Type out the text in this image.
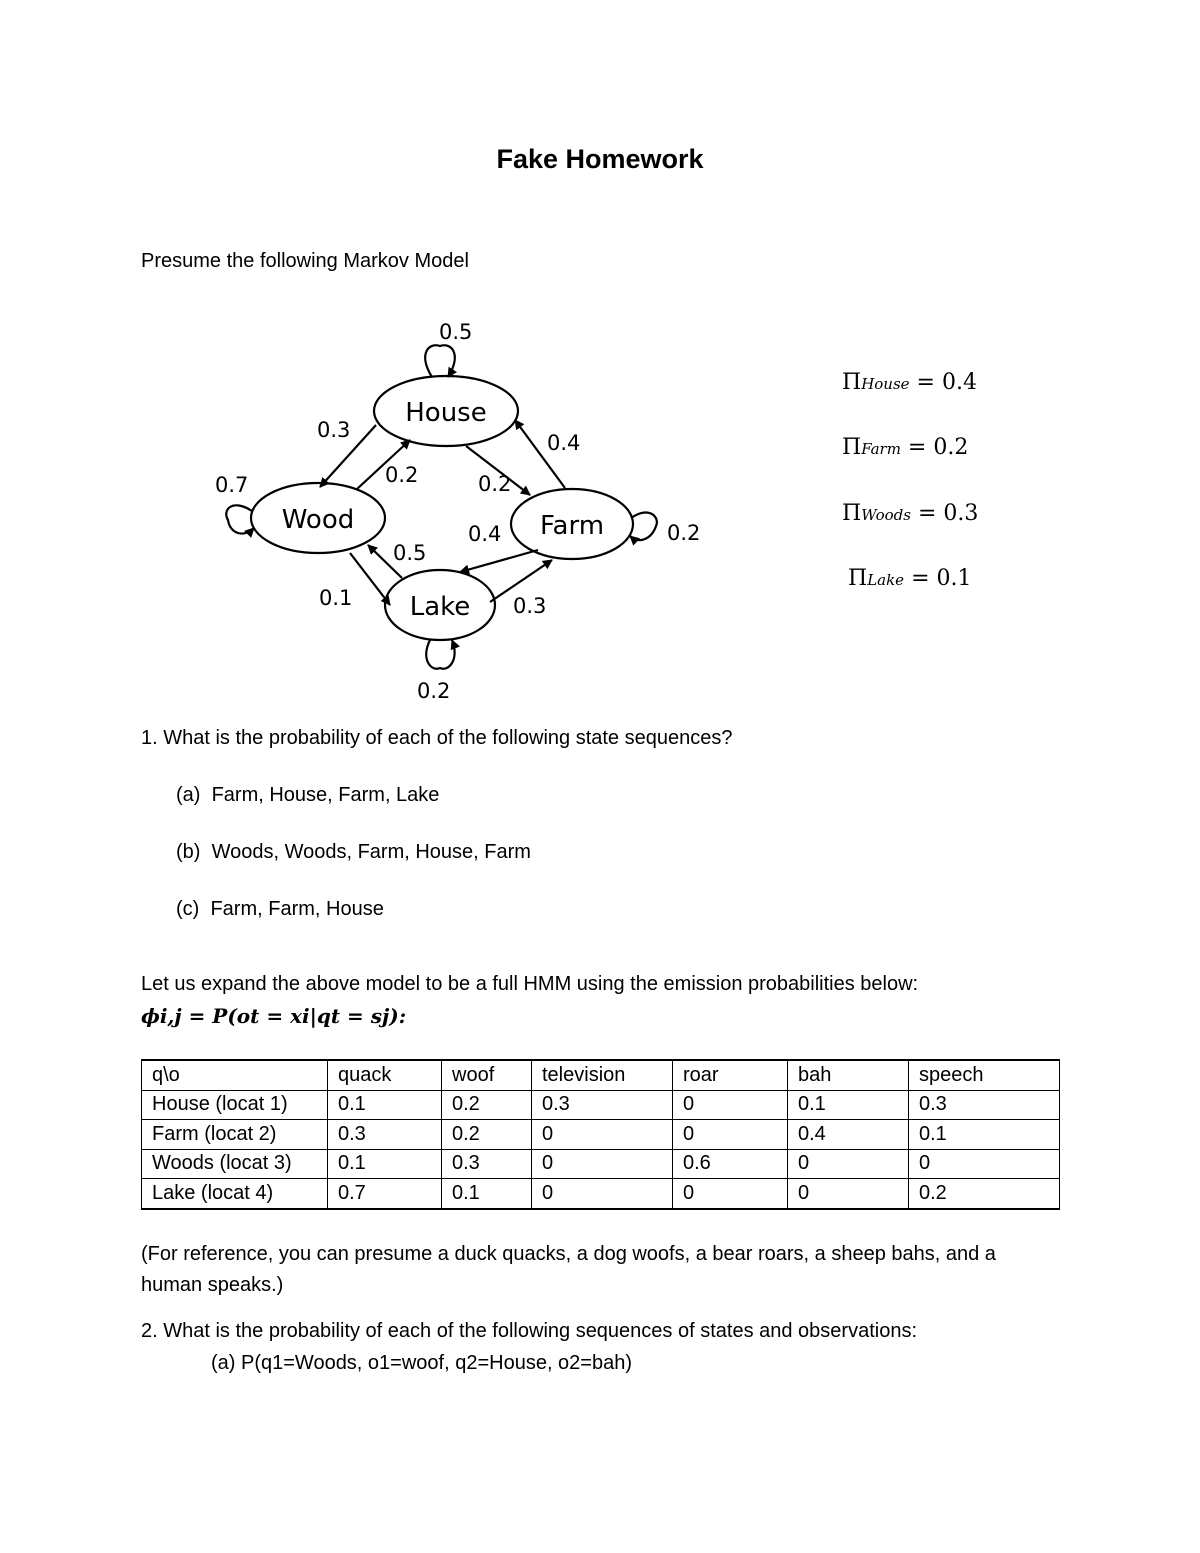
Fake Homework
Presume the following Markov Model
House
Wood	Farm
Lake
0.5
0.3
0.2	0.2
0.4
0.7
0.2
0.5
0.1
0.4
0.3
0.2
ΠHouse = 0.4
ΠFarm = 0.2
ΠWoods = 0.3
ΠLake = 0.1
1. What is the probability of each of the following state sequences?
(a) Farm, House, Farm, Lake
(b) Woods, Woods, Farm, House, Farm
(c) Farm, Farm, House
Let us expand the above model to be a full HMM using the emission probabilities below:
ϕi,j = P(ot = xi|qt = sj):
q\o	quack	woof	television	roar	bah	speech
House (locat 1)	0.1	0.2	0.3	0	0.1	0.3
Farm (locat 2)	0.3	0.2	0	0	0.4	0.1
Woods (locat 3)	0.1	0.3	0	0.6	0	0
Lake (locat 4)	0.7	0.1	0	0	0	0.2
(For reference, you can presume a duck quacks, a dog woofs, a bear roars, a sheep bahs, and a
human speaks.)
2. What is the probability of each of the following sequences of states and observations:
(a) P(q1=Woods, o1=woof, q2=House, o2=bah)
